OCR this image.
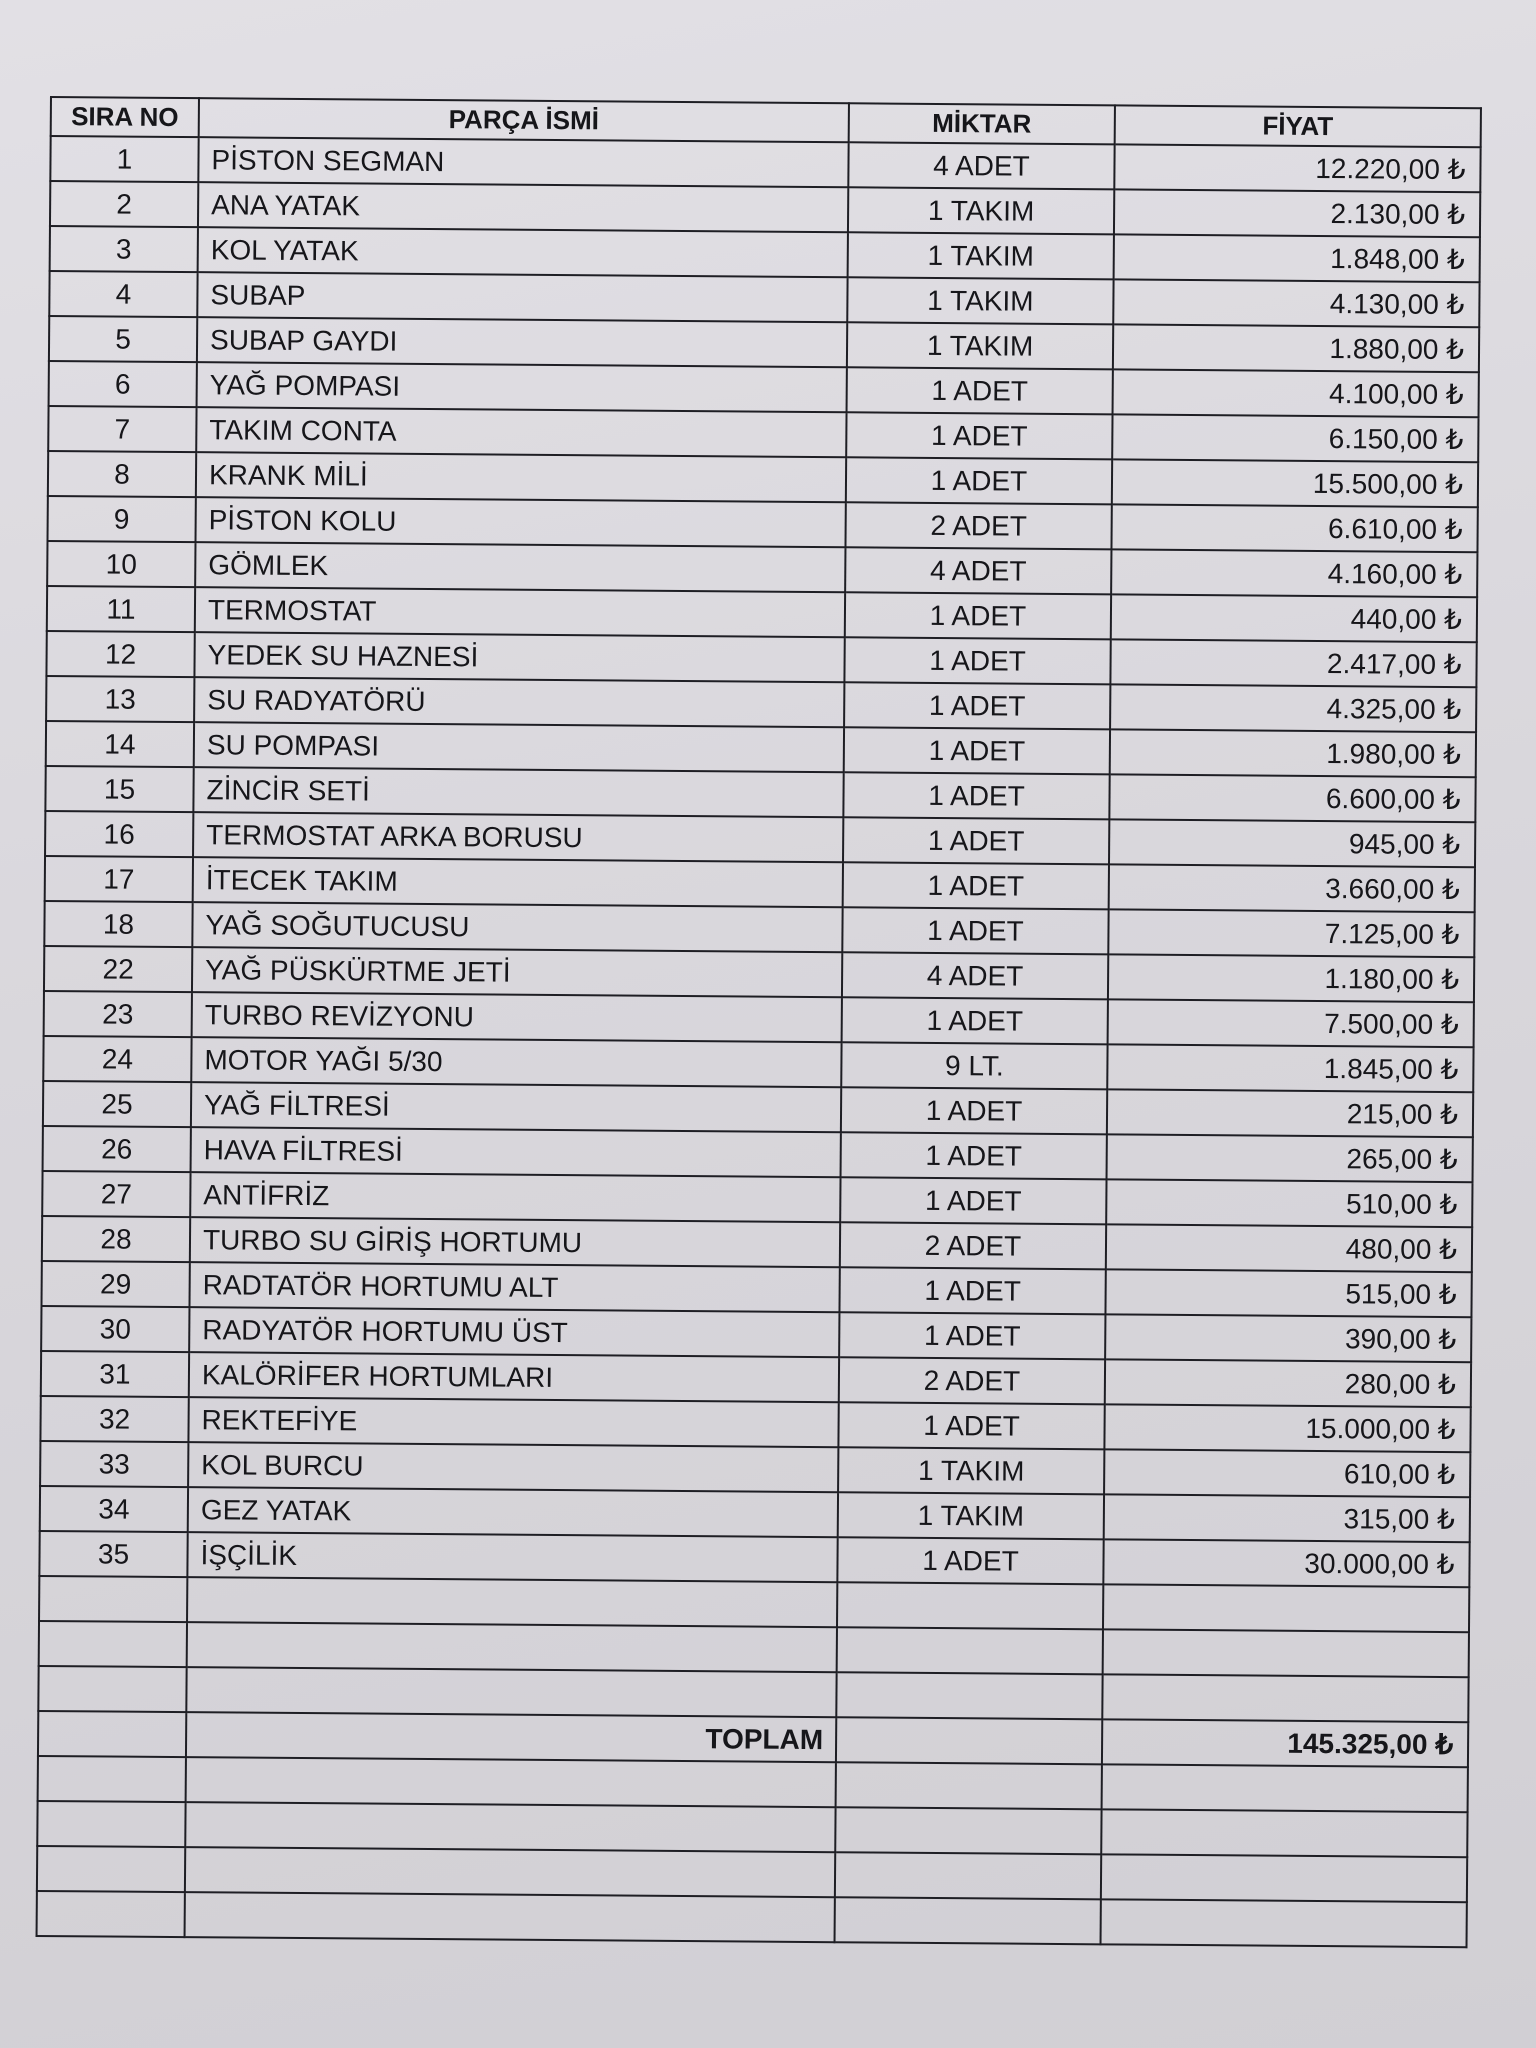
SIRA NO	PARÇA İSMİ	MİKTAR	FİYAT
1	PİSTON SEGMAN	4 ADET	12.220,00 ₺
2	ANA YATAK	1 TAKIM	2.130,00 ₺
3	KOL YATAK	1 TAKIM	1.848,00 ₺
4	SUBAP	1 TAKIM	4.130,00 ₺
5	SUBAP GAYDI	1 TAKIM	1.880,00 ₺
6	YAĞ POMPASI	1 ADET	4.100,00 ₺
7	TAKIM CONTA	1 ADET	6.150,00 ₺
8	KRANK MİLİ	1 ADET	15.500,00 ₺
9	PİSTON KOLU	2 ADET	6.610,00 ₺
10	GÖMLEK	4 ADET	4.160,00 ₺
11	TERMOSTAT	1 ADET	440,00 ₺
12	YEDEK SU HAZNESİ	1 ADET	2.417,00 ₺
13	SU RADYATÖRÜ	1 ADET	4.325,00 ₺
14	SU POMPASI	1 ADET	1.980,00 ₺
15	ZİNCİR SETİ	1 ADET	6.600,00 ₺
16	TERMOSTAT ARKA BORUSU	1 ADET	945,00 ₺
17	İTECEK TAKIM	1 ADET	3.660,00 ₺
18	YAĞ SOĞUTUCUSU	1 ADET	7.125,00 ₺
22	YAĞ PÜSKÜRTME JETİ	4 ADET	1.180,00 ₺
23	TURBO REVİZYONU	1 ADET	7.500,00 ₺
24	MOTOR YAĞI 5/30	9 LT.	1.845,00 ₺
25	YAĞ FİLTRESİ	1 ADET	215,00 ₺
26	HAVA FİLTRESİ	1 ADET	265,00 ₺
27	ANTİFRİZ	1 ADET	510,00 ₺
28	TURBO SU GİRİŞ HORTUMU	2 ADET	480,00 ₺
29	RADTATÖR HORTUMU ALT	1 ADET	515,00 ₺
30	RADYATÖR HORTUMU ÜST	1 ADET	390,00 ₺
31	KALÖRİFER HORTUMLARI	2 ADET	280,00 ₺
32	REKTEFİYE	1 ADET	15.000,00 ₺
33	KOL BURCU	1 TAKIM	610,00 ₺
34	GEZ YATAK	1 TAKIM	315,00 ₺
35	İŞÇİLİK	1 ADET	30.000,00 ₺

	TOPLAM		145.325,00 ₺
